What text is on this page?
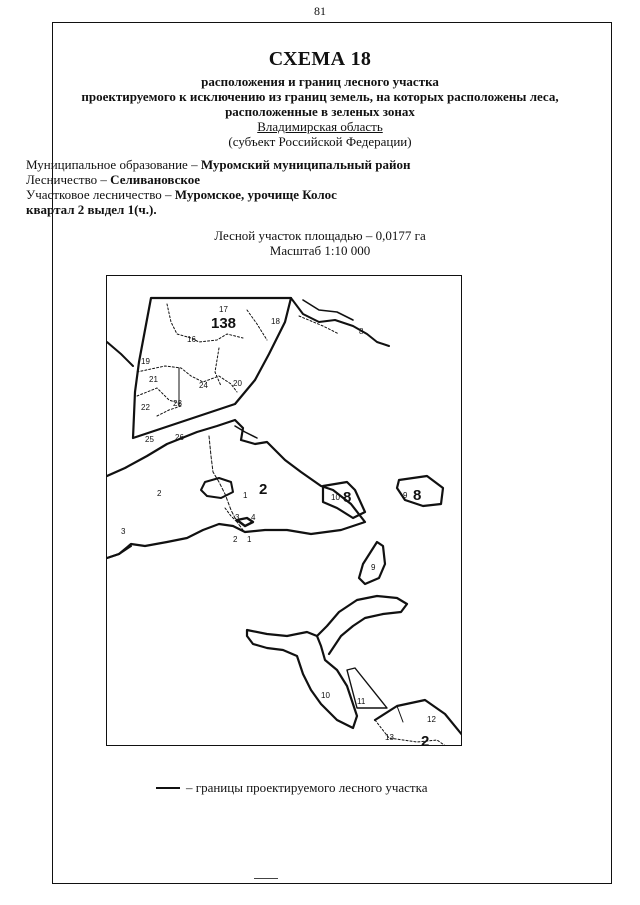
81
СХЕМА 18
расположения и границ лесного участка
проектируемого к исключению из границ земель, на которых расположены леса,
расположенные в зеленых зонах
Владимирская область
(субъект Российской Федерации)
Муниципальное образование – Муромский муниципальный район
Лесничество – Селивановское
Участковое лесничество – Муромское, урочище Колос
квартал 2 выдел 1(ч.).
Лесной участок площадью – 0,0177 га
Масштаб 1:10 000
138
17
16
18
8
19
21	20
24
22	23
25	26
2
2	1
3
3 4
2 1
10 8	9 8
9
10
11
12
13 2
– границы проектируемого лесного участка
